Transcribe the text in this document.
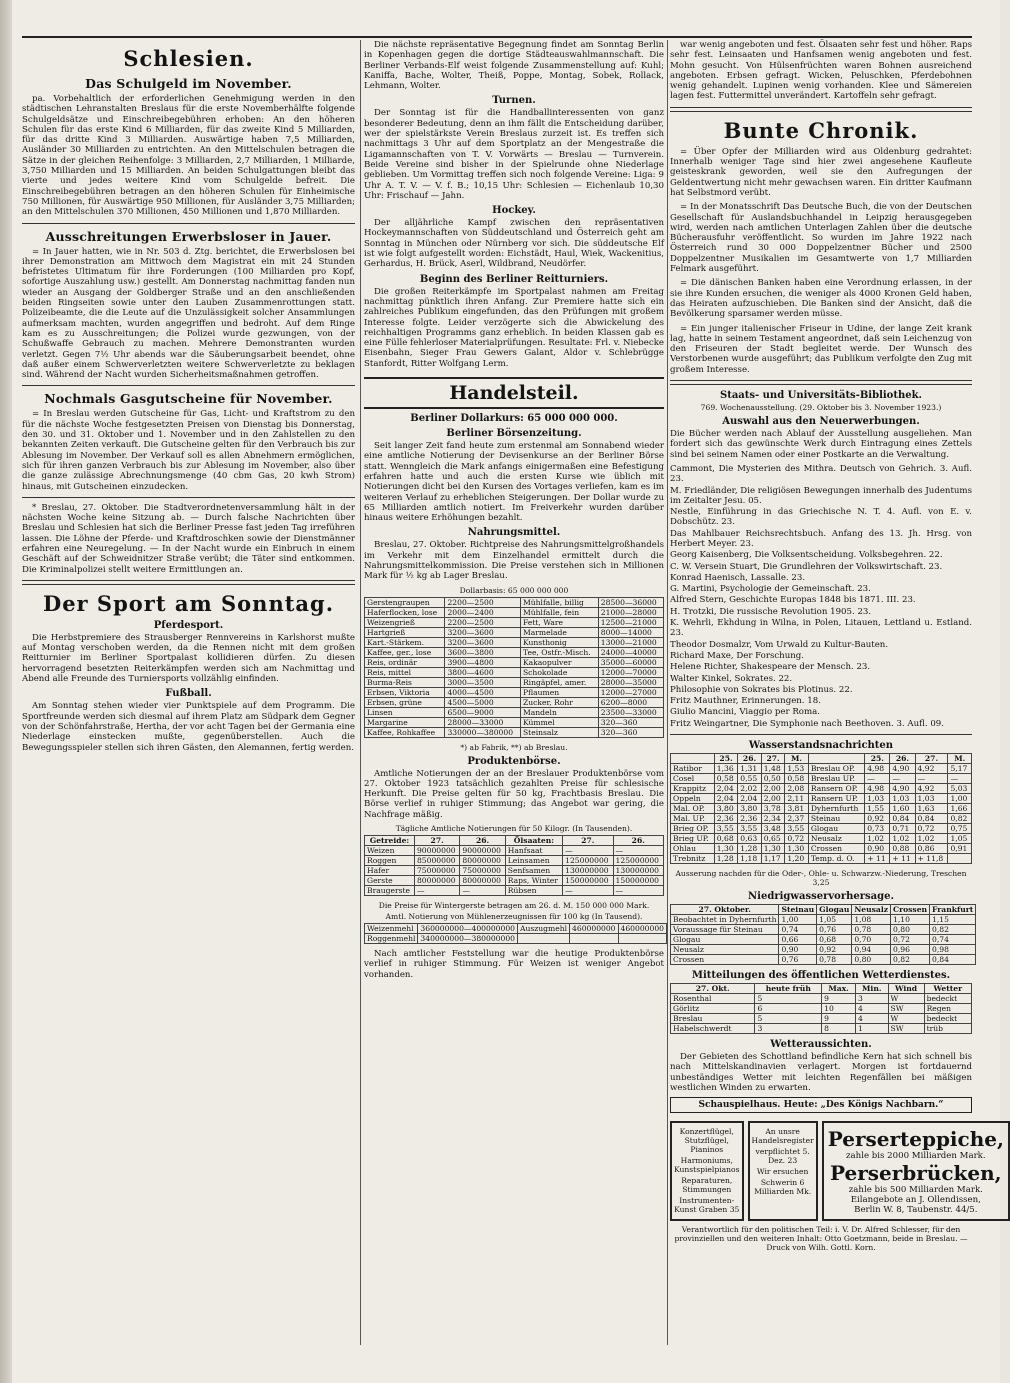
Schlesien.
Das Schulgeld im November.

pa. Vorbehaltlich der erforderlichen Genehmigung werden in den städtischen Lehranstalten Breslaus für die erste Novemberhälfte folgende Schulgeldsätze und Einschreibegebühren erhoben: An den höheren Schulen für das erste Kind 6 Milliarden, für das zweite Kind 5 Milliarden, für das dritte Kind 3 Milliarden. Auswärtige haben 7,5 Milliarden, Ausländer 30 Milliarden zu entrichten. An den Mittelschulen betragen die Sätze in der gleichen Reihenfolge: 3 Milliarden, 2,7 Milliarden, 1 Milliarde, 3,750 Milliarden und 15 Milliarden. An beiden Schulgattungen bleibt das vierte und jedes weitere Kind vom Schulgelde befreit. Die Einschreibegebühren betragen an den höheren Schulen für Einheimische 750 Millionen, für Auswärtige 950 Millionen, für Ausländer 3,75 Milliarden; an den Mittelschulen 370 Millionen, 450 Millionen und 1,870 Milliarden.

Ausschreitungen Erwerbsloser in Jauer.

= In Jauer hatten, wie in Nr. 503 d. Ztg. berichtet, die Erwerbslosen bei ihrer Demonstration am Mittwoch dem Magistrat ein mit 24 Stunden befristetes Ultimatum für ihre Forderungen (100 Milliarden pro Kopf, sofortige Auszahlung usw.) gestellt. Am Donnerstag nachmittag fanden nun wieder an Ausgang der Goldberger Straße und an den anschließenden beiden Ringseiten sowie unter den Lauben Zusammenrottungen statt. Polizeibeamte, die die Leute auf die Unzulässigkeit solcher Ansammlungen aufmerksam machten, wurden angegriffen und bedroht. Auf dem Ringe kam es zu Ausschreitungen; die Polizei wurde gezwungen, von der Schußwaffe Gebrauch zu machen. Mehrere Demonstranten wurden verletzt. Gegen 7½ Uhr abends war die Säuberungsarbeit beendet, ohne daß außer einem Schwerverletzten weitere Schwerverletzte zu beklagen sind. Während der Nacht wurden Sicherheitsmaßnahmen getroffen.

Nochmals Gasgutscheine für November.

= In Breslau werden Gutscheine für Gas, Licht- und Kraftstrom zu den für die nächste Woche festgesetzten Preisen von Dienstag bis Donnerstag, den 30. und 31. Oktober und 1. November und in den Zahlstellen zu den bekannten Zeiten verkauft. Die Gutscheine gelten für den Verbrauch bis zur Ablesung im November. Der Verkauf soll es allen Abnehmern ermöglichen, sich für ihren ganzen Verbrauch bis zur Ablesung im November, also über die ganze zulässige Abrechnungsmenge (40 cbm Gas, 20 kwh Strom) hinaus, mit Gutscheinen einzudecken.

* Breslau, 27. Oktober. Die Stadtverordnetenversammlung hält in der nächsten Woche keine Sitzung ab. — Durch falsche Nachrichten über Breslau und Schlesien hat sich die Berliner Presse fast jeden Tag irreführen lassen. Die Löhne der Pferde- und Kraftdroschken sowie der Dienstmänner erfahren eine Neuregelung. — In der Nacht wurde ein Einbruch in einem Geschäft auf der Schweidnitzer Straße verübt; die Täter sind entkommen. Die Kriminalpolizei stellt weitere Ermittlungen an.

Der Sport am Sonntag.
Pferdesport.

Die Herbstpremiere des Strausberger Rennvereins in Karlshorst mußte auf Montag verschoben werden, da die Rennen nicht mit dem großen Reitturnier im Berliner Sportpalast kollidieren dürfen. Zu diesen hervorragend besetzten Reiterkämpfen werden sich am Nachmittag und Abend alle Freunde des Turniersports vollzählig einfinden.

Fußball.

Am Sonntag stehen wieder vier Punktspiele auf dem Programm. Die Sportfreunde werden sich diesmal auf ihrem Platz am Südpark dem Gegner von der Schönfahrstraße, Hertha, der vor acht Tagen bei der Germania eine Niederlage einstecken mußte, gegenüberstellen. Auch die Bewegungsspieler stellen sich ihren Gästen, den Alemannen, fertig werden.

Die nächste repräsentative Begegnung findet am Sonntag Berlin in Kopenhagen gegen die dortige Städteauswahlmannschaft. Die Berliner Verbands-Elf weist folgende Zusammenstellung auf: Kuhl; Kaniffa, Bache, Wolter, Theiß, Poppe, Montag, Sobek, Rollack, Lehmann, Wolter.

Turnen.

Der Sonntag ist für die Handballinteressenten von ganz besonderer Bedeutung, denn an ihm fällt die Entscheidung darüber, wer der spielstärkste Verein Breslaus zurzeit ist. Es treffen sich nachmittags 3 Uhr auf dem Sportplatz an der Mengestraße die Ligamannschaften von T. V. Vorwärts — Breslau — Turnverein. Beide Vereine sind bisher in der Spielrunde ohne Niederlage geblieben. Um Vormittag treffen sich noch folgende Vereine: Liga: 9 Uhr A. T. V. — V. f. B.; 10,15 Uhr: Schlesien — Eichenlaub 10,30 Uhr: Frischauf — Jahn.

Hockey.

Der alljährliche Kampf zwischen den repräsentativen Hockeymannschaften von Süddeutschland und Österreich geht am Sonntag in München oder Nürnberg vor sich. Die süddeutsche Elf ist wie folgt aufgestellt worden: Eichstädt, Haul, Wiek, Wackenitius, Gerhardus, H. Brück, Aserl, Wildbrand, Neudörfer.

Beginn des Berliner Reitturniers.

Die großen Reiterkämpfe im Sportpalast nahmen am Freitag nachmittag pünktlich ihren Anfang. Zur Premiere hatte sich ein zahlreiches Publikum eingefunden, das den Prüfungen mit großem Interesse folgte. Leider verzögerte sich die Abwickelung des reichhaltigen Programms ganz erheblich. In beiden Klassen gab es eine Fülle fehlerloser Materialprüfungen. Resultate: Frl. v. Niebecke Eisenbahn, Sieger Frau Gewers Galant, Aldor v. Schlebrügge Stanfordt, Ritter Wolfgang Lerm.

Handelsteil.
Berliner Dollarkurs: 65 000 000 000.
Berliner Börsenzeitung.

Seit langer Zeit fand heute zum erstenmal am Sonnabend wieder eine amtliche Notierung der Devisenkurse an der Berliner Börse statt. Wenngleich die Mark anfangs einigermaßen eine Befestigung erfahren hatte und auch die ersten Kurse wie üblich mit Notierungen dicht bei den Kursen des Vortages verliefen, kam es im weiteren Verlauf zu erheblichen Steigerungen. Der Dollar wurde zu 65 Milliarden amtlich notiert. Im Freiverkehr wurden darüber hinaus weitere Erhöhungen bezahlt.

Nahrungsmittel.

Breslau, 27. Oktober. Richtpreise des Nahrungsmittelgroßhandels im Verkehr mit dem Einzelhandel ermittelt durch die Nahrungsmittelkommission. Die Preise verstehen sich in Millionen Mark für ½ kg ab Lager Breslau.

Dollarbasis: 65 000 000 000
Gerstengraupen	2200—2500	Mühlfalle, billig	28500—36000
Haferflocken, lose	2000—2400	Mühlfalle, fein	21000—28000
Weizengrieß	2200—2500	Fett, Ware	12500—21000
Hartgrieß	3200—3600	Marmelade	8000—14000
Kart.-Stärkem.	3200—3600	Kunsthonig	13000—21000
Kaffee, ger., lose	3600—3800	Tee, Ostfr.-Misch.	24000—40000
Reis, ordinär	3900—4800	Kakaopulver	35000—60000
Reis, mittel	3800—4600	Schokolade	12000—70000
Burma-Reis	3000—3500	Ringäpfel, amer.	28000—35000
Erbsen, Viktoria	4000—4500	Pflaumen	12000—27000
Erbsen, grüne	4500—5000	Zucker, Rohr	6200—8000
Linsen	6500—9000	Mandeln	23500—33000
Margarine	28000—33000	Kümmel	320—360
Kaffee, Rohkaffee	330000—380000	Steinsalz	320—360
*) ab Fabrik, **) ab Breslau.
Produktenbörse.

Amtliche Notierungen der an der Breslauer Produktenbörse vom 27. Oktober 1923 tatsächlich gezahlten Preise für schlesische Herkunft. Die Preise gelten für 50 kg, Frachtbasis Breslau. Die Börse verlief in ruhiger Stimmung; das Angebot war gering, die Nachfrage mäßig.

Tägliche Amtliche Notierungen für 50 Kilogr. (In Tausenden).
Getreide:	27.	26.	Ölsaaten:	27.	26.
Weizen	90000000	90000000	Hanfsaat	—	—
Roggen	85000000	80000000	Leinsamen	125000000	125000000
Hafer	75000000	75000000	Senfsamen	130000000	130000000
Gerste	80000000	80000000	Raps, Winter	150000000	150000000
Braugerste	—	—	Rübsen	—	—
Die Preise für Wintergerste betragen am 26. d. M. 150 000 000 Mark.
Amtl. Notierung von Mühlenerzeugnissen für 100 kg (In Tausend).
Weizenmehl	360000000—400000000	Auszugmehl	460000000	460000000
Roggenmehl	340000000—380000000			

Nach amtlicher Feststellung war die heutige Produktenbörse verlief in ruhiger Stimmung. Für Weizen ist weniger Angebot vorhanden.

war wenig angeboten und fest. Ölsaaten sehr fest und höher. Raps sehr fest. Leinsaaten und Hanfsamen wenig angeboten und fest. Mohn gesucht. Von Hülsenfrüchten waren Bohnen ausreichend angeboten. Erbsen gefragt. Wicken, Peluschken, Pferdebohnen wenig gehandelt. Lupinen wenig vorhanden. Klee und Sämereien lagen fest. Futtermittel unverändert. Kartoffeln sehr gefragt.

Bunte Chronik.

= Über Opfer der Milliarden wird aus Oldenburg gedrahtet: Innerhalb weniger Tage sind hier zwei angesehene Kaufleute geisteskrank geworden, weil sie den Aufregungen der Geldentwertung nicht mehr gewachsen waren. Ein dritter Kaufmann hat Selbstmord verübt.

= In der Monatsschrift Das Deutsche Buch, die von der Deutschen Gesellschaft für Auslandsbuchhandel in Leipzig herausgegeben wird, werden nach amtlichen Unterlagen Zahlen über die deutsche Bücherausfuhr veröffentlicht. So wurden im Jahre 1922 nach Österreich rund 30 000 Doppelzentner Bücher und 2500 Doppelzentner Musikalien im Gesamtwerte von 1,7 Milliarden Felmark ausgeführt.

= Die dänischen Banken haben eine Verordnung erlassen, in der sie ihre Kunden ersuchen, die weniger als 4000 Kronen Geld haben, das Heiraten aufzuschieben. Die Banken sind der Ansicht, daß die Bevölkerung sparsamer werden müsse.

= Ein junger italienischer Friseur in Udine, der lange Zeit krank lag, hatte in seinem Testament angeordnet, daß sein Leichenzug von den Friseuren der Stadt begleitet werde. Der Wunsch des Verstorbenen wurde ausgeführt; das Publikum verfolgte den Zug mit großem Interesse.

Staats- und Universitäts-Bibliothek.
769. Wochenausstellung. (29. Oktober bis 3. November 1923.)
Auswahl aus den Neuerwerbungen.

Die Bücher werden nach Ablauf der Ausstellung ausgeliehen. Man fordert sich das gewünschte Werk durch Eintragung eines Zettels sind bei seinem Namen oder einer Postkarte an die Verwaltung.

Cammont, Die Mysterien des Mithra. Deutsch von Gehrich. 3. Aufl. 23.

M. Friedländer, Die religiösen Bewegungen innerhalb des Judentums im Zeitalter Jesu. 05.

Nestle, Einführung in das Griechische N. T. 4. Aufl. von E. v. Dobschütz. 23.

Das Mahlbauer Reichsrechtsbuch. Anfang des 13. Jh. Hrsg. von Herbert Meyer. 23.

Georg Kaisenberg, Die Volksentscheidung. Volksbegehren. 22.

C. W. Versein Stuart, Die Grundlehren der Volkswirtschaft. 23.

Konrad Haenisch, Lassalle. 23.

G. Martini, Psychologie der Gemeinschaft. 23.

Alfred Stern, Geschichte Europas 1848 bis 1871. III. 23.

H. Trotzki, Die russische Revolution 1905. 23.

K. Wehrli, Ekhdung in Wilna, in Polen, Litauen, Lettland u. Estland. 23.

Theodor Dosmalzr, Vom Urwald zu Kultur-Bauten.

Richard Maxe, Der Forschung.

Helene Richter, Shakespeare der Mensch. 23.

Walter Kinkel, Sokrates. 22.

Philosophie von Sokrates bis Plotinus. 22.

Fritz Mauthner, Erinnerungen. 18.

Giulio Mancini, Viaggio per Roma.

Fritz Weingartner, Die Symphonie nach Beethoven. 3. Aufl. 09.

Wasserstandsnachrichten
	25.	26.	27.	M.		25.	26.	27.	M.
Ratibor	1,36	1,31	1,48	1,53	Breslau OP.	4,98	4,90	4,92	5,17
Cosel	0,58	0,55	0,50	0,58	Breslau UP.	—	—	—	—
Krappitz	2,04	2,02	2,00	2,08	Ransern OP.	4,98	4,90	4,92	5,03
Oppeln	2,04	2,04	2,00	2,11	Ransern UP.	1,03	1,03	1,03	1,00
Mal. OP.	3,80	3,80	3,78	3,81	Dyhernfurth	1,55	1,60	1,63	1,66
Mal. UP.	2,36	2,36	2,34	2,37	Steinau	0,92	0,84	0,84	0,82
Brieg OP.	3,55	3,55	3,48	3,55	Glogau	0,73	0,71	0,72	0,75
Brieg UP.	0,68	0,63	0,65	0,72	Neusalz	1,02	1,02	1,02	1,05
Ohlau	1,30	1,28	1,30	1,30	Crossen	0,90	0,88	0,86	0,91
Trebnitz	1,28	1,18	1,17	1,20	Temp. d. O.	+ 11	+ 11	+ 11,8	
Ausserung nachden für die Oder-, Ohle- u. Schwarzw.-Niederung, Treschen 3,25
Niedrigwasservorhersage.
27. Oktober.	Steinau	Glogau	Neusalz	Crossen	Frankfurt
Beobachtet in Dyhernfurth	1,00	1,05	1,08	1,10	1,15
Voraussage für Steinau	0,74	0,76	0,78	0,80	0,82
Glogau	0,66	0,68	0,70	0,72	0,74
Neusalz	0,90	0,92	0,94	0,96	0,98
Crossen	0,76	0,78	0,80	0,82	0,84
Mitteilungen des öffentlichen Wetterdienstes.
27. Okt.	heute früh	Max.	Min.	Wind	Wetter
Rosenthal	5	9	3	W	bedeckt
Görlitz	6	10	4	SW	Regen
Breslau	5	9	4	W	bedeckt
Habelschwerdt	3	8	1	SW	trüb
Wetteraussichten.

Der Gebieten des Schottland befindliche Kern hat sich schnell bis nach Mittelskandinavien verlagert. Morgen ist fortdauernd unbeständiges Wetter mit leichten Regenfällen bei mäßigen westlichen Winden zu erwarten.

Schauspielhaus. Heute: „Des Königs Nachbarn.“
Konzertflügel, Stutzflügel, Pianinos
Harmoniums, Kunstspielpianos
Reparaturen, Stimmungen
Instrumenten-Kunst Graben 35
An unsre Handelsregister
verpflichtet 5. Dez. 23
Wir ersuchen
Schwerin 6 Milliarden Mk.
Perserteppiche,
zahle bis 2000 Milliarden Mark.
Perserbrücken,
zahle bis 500 Milliarden Mark.
Eilangebote an J. Ollendissen,
Berlin W. 8, Taubenstr. 44/5.
Verantwortlich für den politischen Teil: i. V. Dr. Alfred Schlesser, für den provinziellen und den weiteren Inhalt: Otto Goetzmann, beide in Breslau. — Druck von Wilh. Gottl. Korn.
